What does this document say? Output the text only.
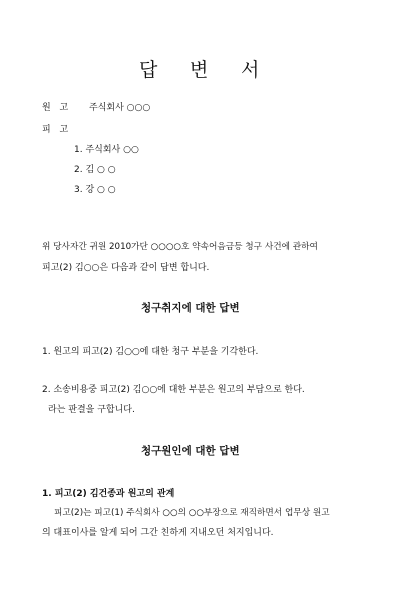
답 변 서
원 고 주식회사 ○○○
피 고
1. 주식회사 ○○
2. 김 ○ ○
3. 강 ○ ○
위 당사자간 귀원 2010가단 ○○○○호 약속어음금등 청구 사건에 관하여
피고(2) 김○○은 다음과 같이 답변 합니다.
청구취지에 대한 답변
1. 원고의 피고(2) 김○○에 대한 청구 부분을 기각한다.
2. 소송비용중 피고(2) 김○○에 대한 부분은 원고의 부담으로 한다.
라는 판결을 구합니다.
청구원인에 대한 답변
1. 피고(2) 김건종과 원고의 관계
피고(2)는 피고(1) 주식회사 ○○의 ○○부장으로 재직하면서 업무상 원고
의 대표이사를 알게 되어 그간 친하게 지내오던 처지입니다.
